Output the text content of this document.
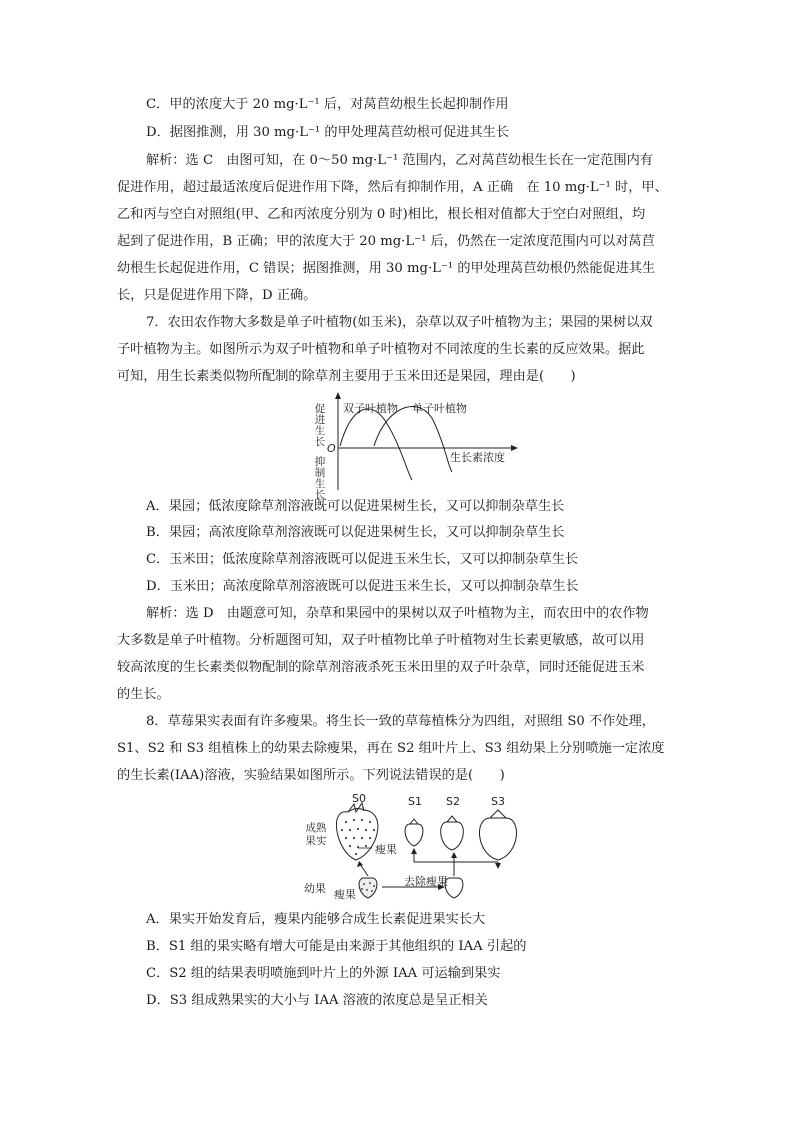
C．甲的浓度大于 20 mg·L⁻¹ 后，对莴苣幼根生长起抑制作用
D．据图推测，用 30 mg·L⁻¹ 的甲处理莴苣幼根可促进其生长
解析：选 C　由图可知，在 0～50 mg·L⁻¹ 范围内，乙对莴苣幼根生长在一定范围内有
促进作用，超过最适浓度后促进作用下降，然后有抑制作用，A 正确　在 10 mg·L⁻¹ 时，甲、
乙和丙与空白对照组(甲、乙和丙浓度分别为 0 时)相比，根长相对值都大于空白对照组，均
起到了促进作用，B 正确；甲的浓度大于 20 mg·L⁻¹ 后，仍然在一定浓度范围内可以对莴苣
幼根生长起促进作用，C 错误；据图推测，用 30 mg·L⁻¹ 的甲处理莴苣幼根仍然能促进其生
长，只是促进作用下降，D 正确。
7．农田农作物大多数是单子叶植物(如玉米)，杂草以双子叶植物为主；果园的果树以双
子叶植物为主。如图所示为双子叶植物和单子叶植物对不同浓度的生长素的反应效果。据此
可知，用生长素类似物所配制的除草剂主要用于玉米田还是果园，理由是(　　)
双子叶植物 单子叶植物
促进生长
抑制生长
O
生长素浓度
A．果园；低浓度除草剂溶液既可以促进果树生长，又可以抑制杂草生长
B．果园；高浓度除草剂溶液既可以促进果树生长，又可以抑制杂草生长
C．玉米田；低浓度除草剂溶液既可以促进玉米生长，又可以抑制杂草生长
D．玉米田；高浓度除草剂溶液既可以促进玉米生长，又可以抑制杂草生长
解析：选 D　由题意可知，杂草和果园中的果树以双子叶植物为主，而农田中的农作物
大多数是单子叶植物。分析题图可知，双子叶植物比单子叶植物对生长素更敏感，故可以用
较高浓度的生长素类似物配制的除草剂溶液杀死玉米田里的双子叶杂草，同时还能促进玉米
的生长。
8．草莓果实表面有许多瘦果。将生长一致的草莓植株分为四组，对照组 S0 不作处理，
S1、S2 和 S3 组植株上的幼果去除瘦果，再在 S2 组叶片上、S3 组幼果上分别喷施一定浓度
的生长素(IAA)溶液，实验结果如图所示。下列说法错误的是(　　)
S0	S1 S2	S3
成熟果实
幼果
瘦果
瘦果
去除瘦果
A．果实开始发育后，瘦果内能够合成生长素促进果实长大
B．S1 组的果实略有增大可能是由来源于其他组织的 IAA 引起的
C．S2 组的结果表明喷施到叶片上的外源 IAA 可运输到果实
D．S3 组成熟果实的大小与 IAA 溶液的浓度总是呈正相关
